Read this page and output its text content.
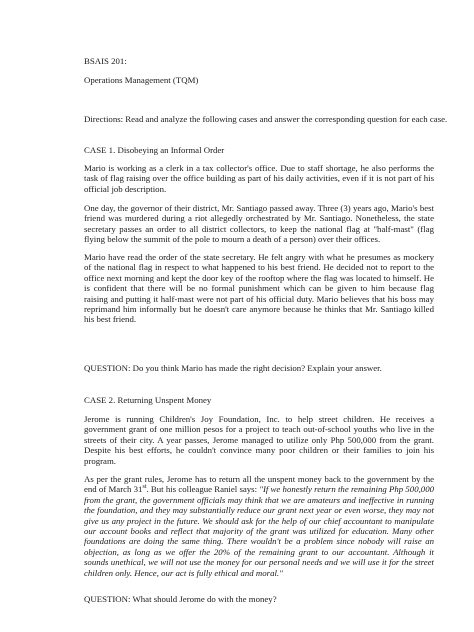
BSAIS 201:
Operations Management (TQM)
Directions: Read and analyze the following cases and answer the corresponding question for each case.
CASE 1. Disobeying an Informal Order
Mario is working as a clerk in a tax collector's office. Due to staff shortage, he also performs the task of flag raising over the office building as part of his daily activities, even if it is not part of his official job description.
One day, the governor of their district, Mr. Santiago passed away. Three (3) years ago, Mario's best friend was murdered during a riot allegedly orchestrated by Mr. Santiago. Nonetheless, the state secretary passes an order to all district collectors, to keep the national flag at "half-mast" (flag flying below the summit of the pole to mourn a death of a person) over their offices.
Mario have read the order of the state secretary. He felt angry with what he presumes as mockery of the national flag in respect to what happened to his best friend. He decided not to report to the office next morning and kept the door key of the rooftop where the flag was located to himself. He is confident that there will be no formal punishment which can be given to him because flag raising and putting it half-mast were not part of his official duty. Mario believes that his boss may reprimand him informally but he doesn't care anymore because he thinks that Mr. Santiago killed his best friend.
QUESTION: Do you think Mario has made the right decision? Explain your answer.
CASE 2. Returning Unspent Money
Jerome is running Children's Joy Foundation, Inc. to help street children. He receives a government grant of one million pesos for a project to teach out-of-school youths who live in the streets of their city. A year passes, Jerome managed to utilize only Php 500,000 from the grant. Despite his best efforts, he couldn't convince many poor children or their families to join his program.
As per the grant rules, Jerome has to return all the unspent money back to the government by the end of March 31st. But his colleague Raniel says: "If we honestly return the remaining Php 500,000 from the grant, the government officials may think that we are amateurs and ineffective in running the foundation, and they may substantially reduce our grant next year or even worse, they may not give us any project in the future. We should ask for the help of our chief accountant to manipulate our account books and reflect that majority of the grant was utilized for education. Many other foundations are doing the same thing. There wouldn't be a problem since nobody will raise an objection, as long as we offer the 20% of the remaining grant to our accountant. Although it sounds unethical, we will not use the money for our personal needs and we will use it for the street children only. Hence, our act is fully ethical and moral."
QUESTION: What should Jerome do with the money?
